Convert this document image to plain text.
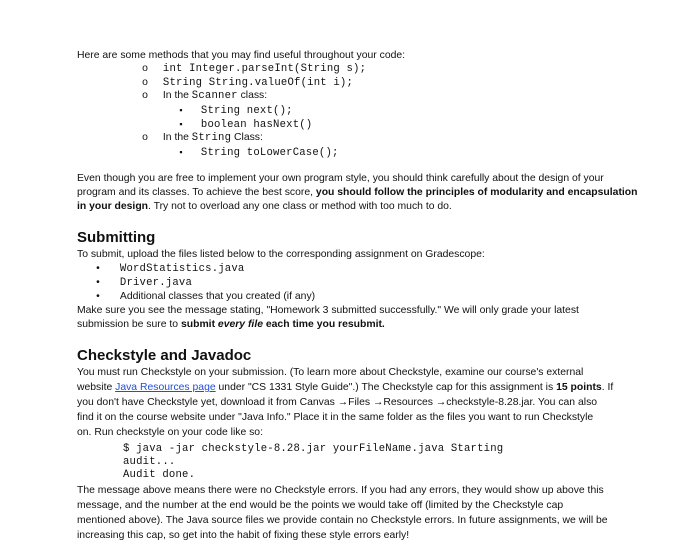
Here are some methods that you may find useful throughout your code:
o int Integer.parseInt(String s);
o String String.valueOf(int i);
o In the Scanner class:
▪ String next();
▪ boolean hasNext()
o In the String Class:
▪ String toLowerCase();
Even though you are free to implement your own program style, you should think carefully about the design of your
program and its classes. To achieve the best score, you should follow the principles of modularity and encapsulation
in your design. Try not to overload any one class or method with too much to do.
Submitting
To submit, upload the files listed below to the corresponding assignment on Gradescope:
• WordStatistics.java
• Driver.java
• Additional classes that you created (if any)
Make sure you see the message stating, "Homework 3 submitted successfully." We will only grade your latest
submission be sure to submit every file each time you resubmit.
Checkstyle and Javadoc
You must run Checkstyle on your submission. (To learn more about Checkstyle, examine our course's external
website Java Resources page under "CS 1331 Style Guide".) The Checkstyle cap for this assignment is 15 points. If
you don't have Checkstyle yet, download it from Canvas →Files →Resources →checkstyle-8.28.jar. You can also
find it on the course website under "Java Info." Place it in the same folder as the files you want to run Checkstyle
on. Run checkstyle on your code like so:
$ java -jar checkstyle-8.28.jar yourFileName.java Starting
audit...
Audit done.
The message above means there were no Checkstyle errors. If you had any errors, they would show up above this
message, and the number at the end would be the points we would take off (limited by the Checkstyle cap
mentioned above). The Java source files we provide contain no Checkstyle errors. In future assignments, we will be
increasing this cap, so get into the habit of fixing these style errors early!
